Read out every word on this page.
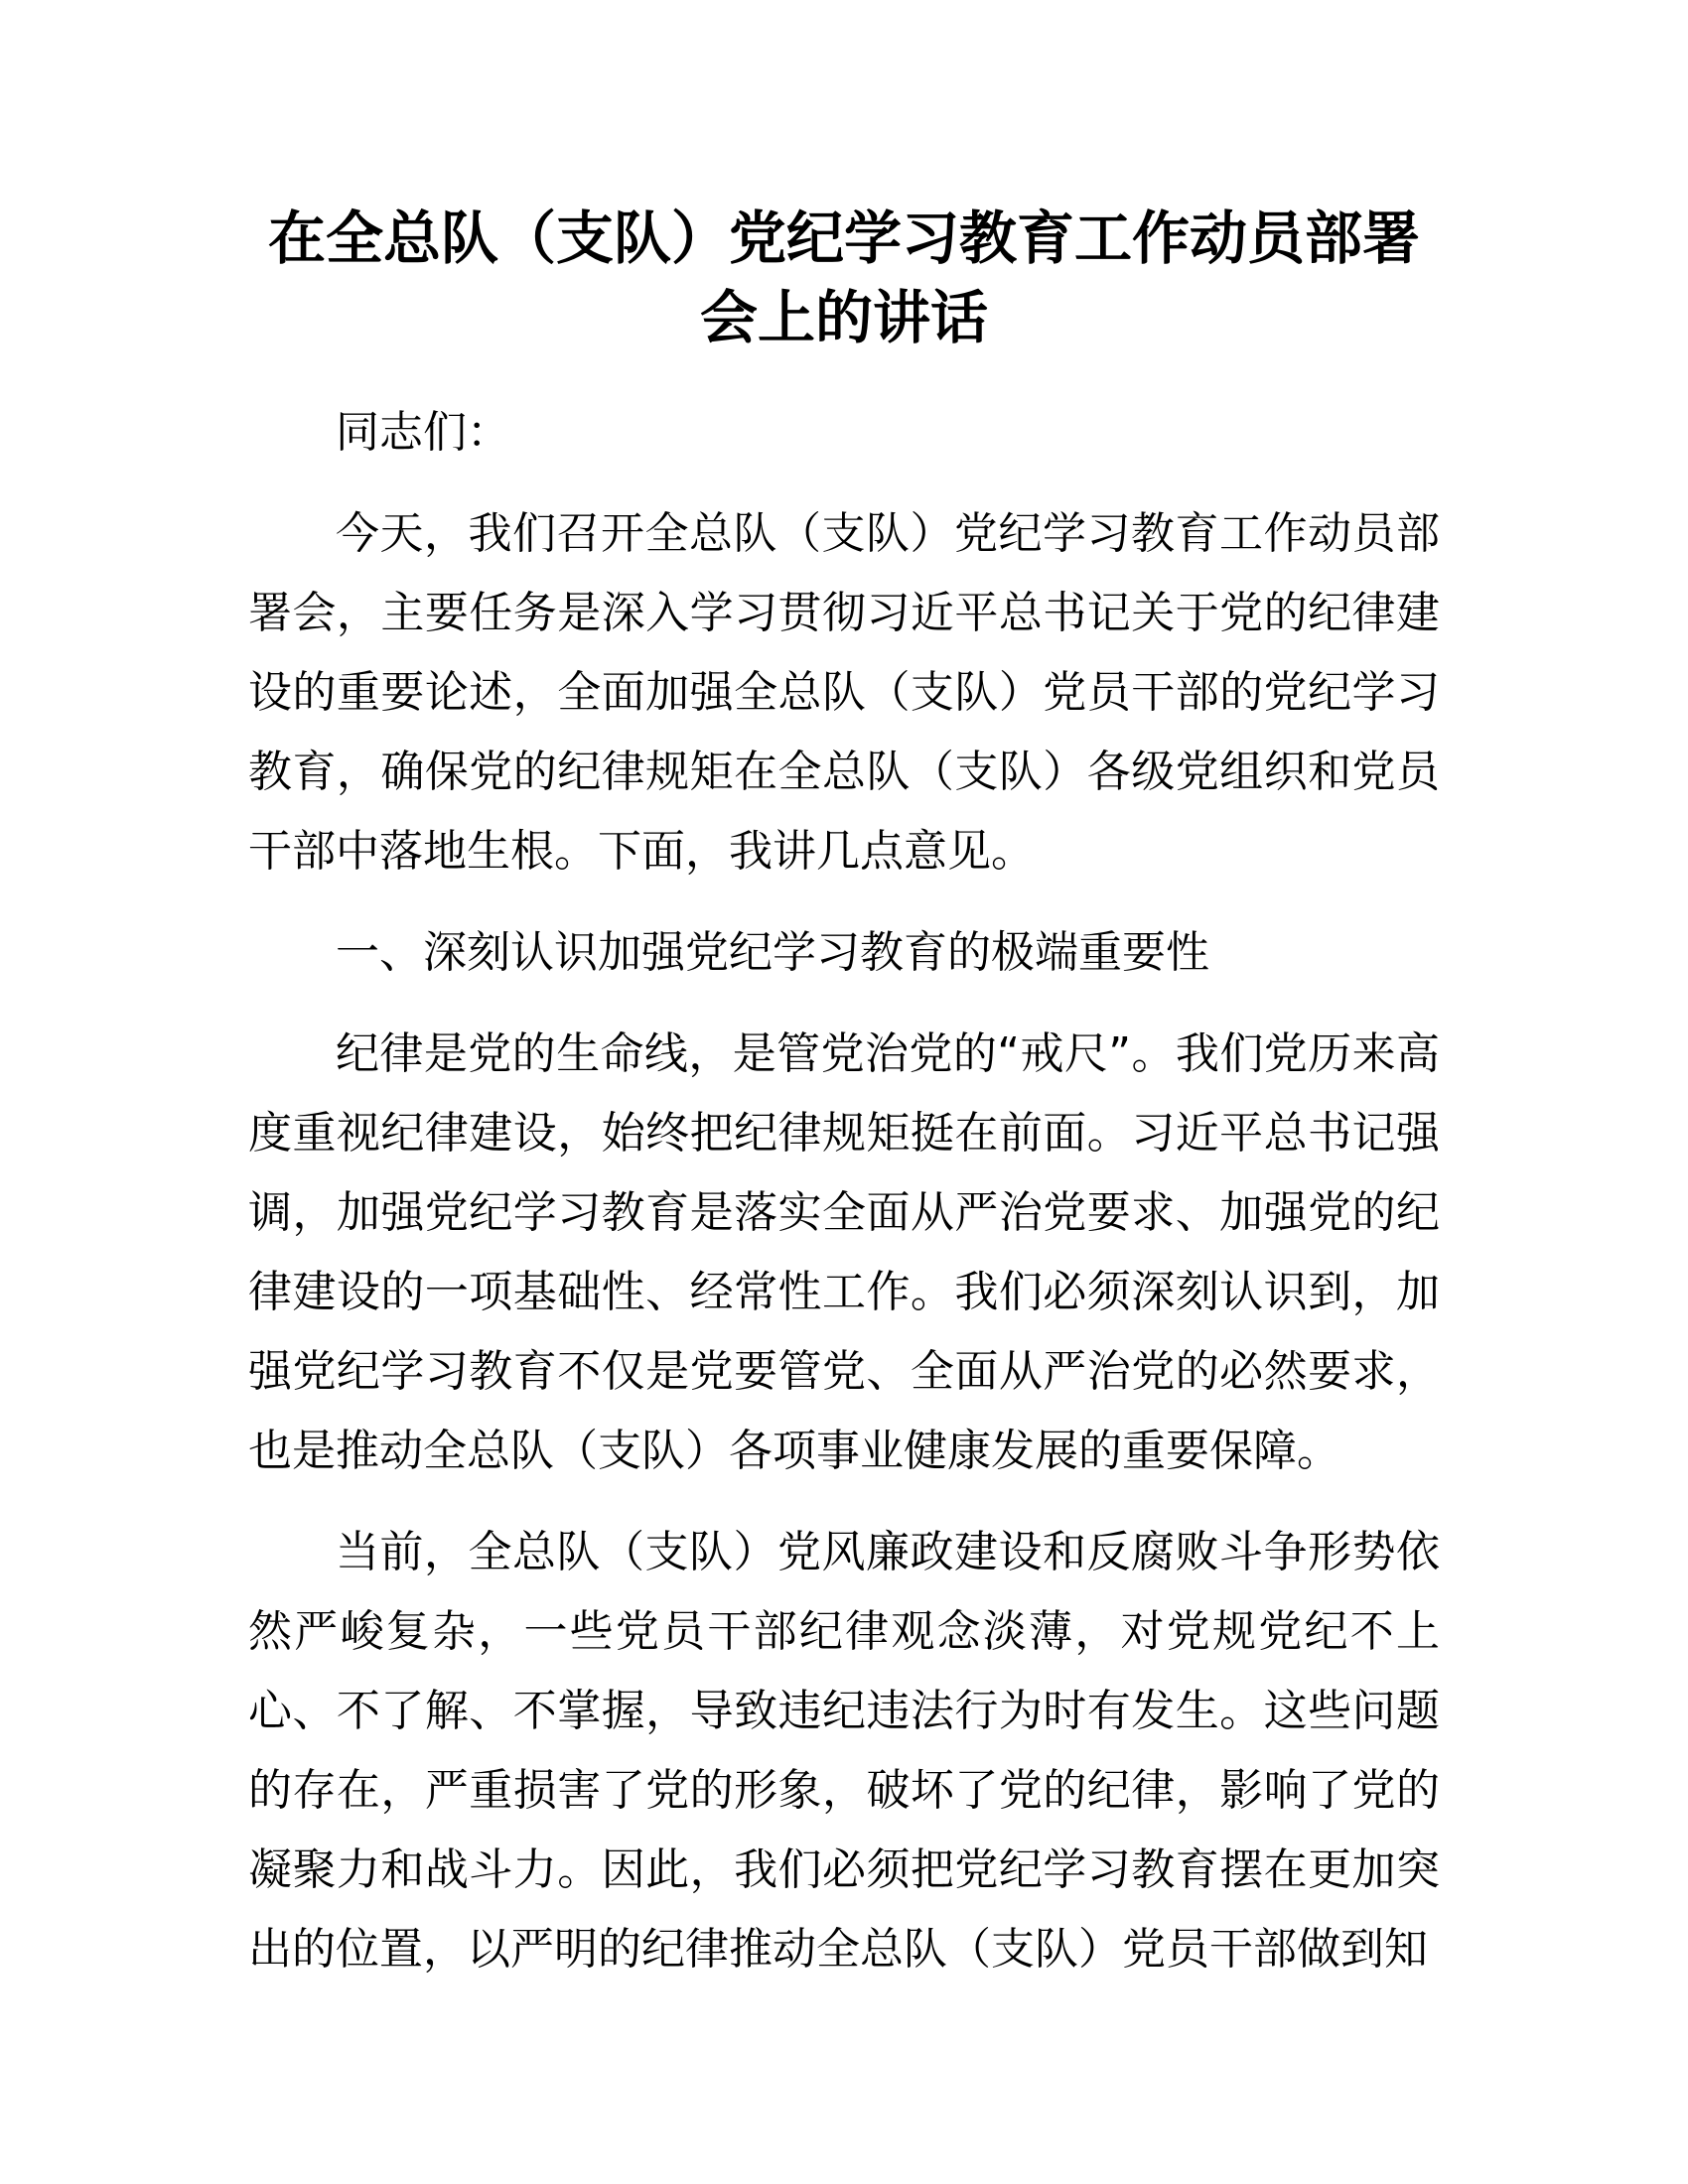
在全总队（支队）党纪学习教育工作动员部署会上的讲话

同志们：

今天，我们召开全总队（支队）党纪学习教育工作动员部署会，主要任务是深入学习贯彻习近平总书记关于党的纪律建设的重要论述，全面加强全总队（支队）党员干部的党纪学习教育，确保党的纪律规矩在全总队（支队）各级党组织和党员干部中落地生根。下面，我讲几点意见。

一、深刻认识加强党纪学习教育的极端重要性

纪律是党的生命线，是管党治党的“戒尺”。我们党历来高度重视纪律建设，始终把纪律规矩挺在前面。习近平总书记强调，加强党纪学习教育是落实全面从严治党要求、加强党的纪律建设的一项基础性、经常性工作。我们必须深刻认识到，加强党纪学习教育不仅是党要管党、全面从严治党的必然要求，也是推动全总队（支队）各项事业健康发展的重要保障。

当前，全总队（支队）党风廉政建设和反腐败斗争形势依然严峻复杂，一些党员干部纪律观念淡薄，对党规党纪不上心、不了解、不掌握，导致违纪违法行为时有发生。这些问题的存在，严重损害了党的形象，破坏了党的纪律，影响了党的凝聚力和战斗力。因此，我们必须把党纪学习教育摆在更加突出的位置，以严明的纪律推动全总队（支队）党员干部做到知
